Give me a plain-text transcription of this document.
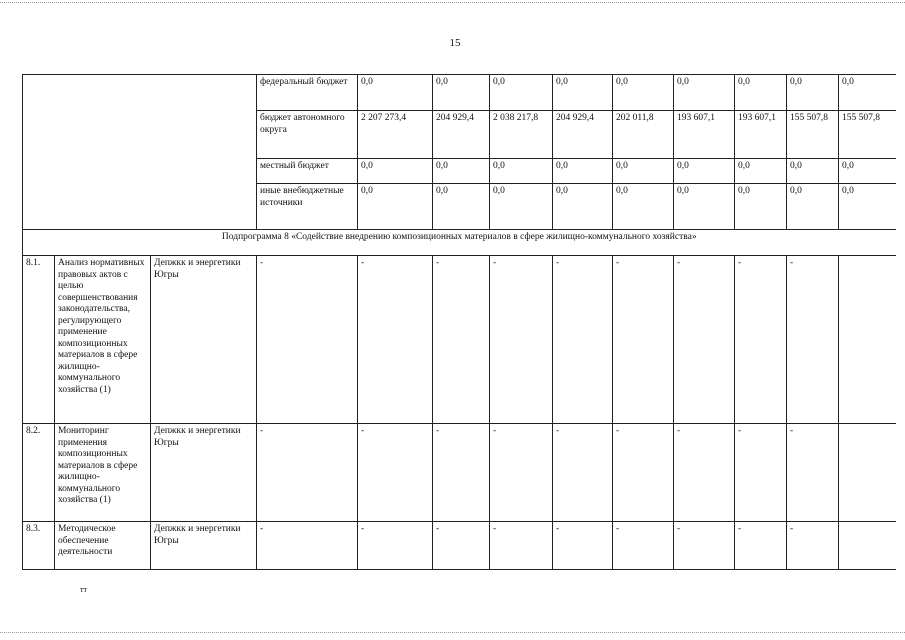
15
			федеральный бюджет	0,0	0,0	0,0	0,0	0,0	0,0	0,0	0,0	0,0
			бюджет автономного округа	2 207 273,4	204 929,4	2 038 217,8	204 929,4	202 011,8	193 607,1	193 607,1	155 507,8	155 507,8
			местный бюджет	0,0	0,0	0,0	0,0	0,0	0,0	0,0	0,0	0,0
			иные внебюджетные источники	0,0	0,0	0,0	0,0	0,0	0,0	0,0	0,0	0,0
Подпрограмма 8 «Содействие внедрению композиционных материалов в сфере жилищно-коммунального хозяйства»												
8.1.	Анализ нормативных правовых актов с целью совершенствования законодательства, регулирующего применение композиционных материалов в сфере жилищно-коммунального хозяйства (1)	Депжкк и энергетики Югры	-	-	-	-	-	-	-	-	-	
8.2.	Мониторинг применения композиционных материалов в сфере жилищно-коммунального хозяйства (1)	Депжкк и энергетики Югры	-	-	-	-	-	-	-	-	-	
8.3.	Методическое обеспечение деятельности	Депжкк и энергетики Югры	-	-	-	-	-	-	-	-	-	
тт
